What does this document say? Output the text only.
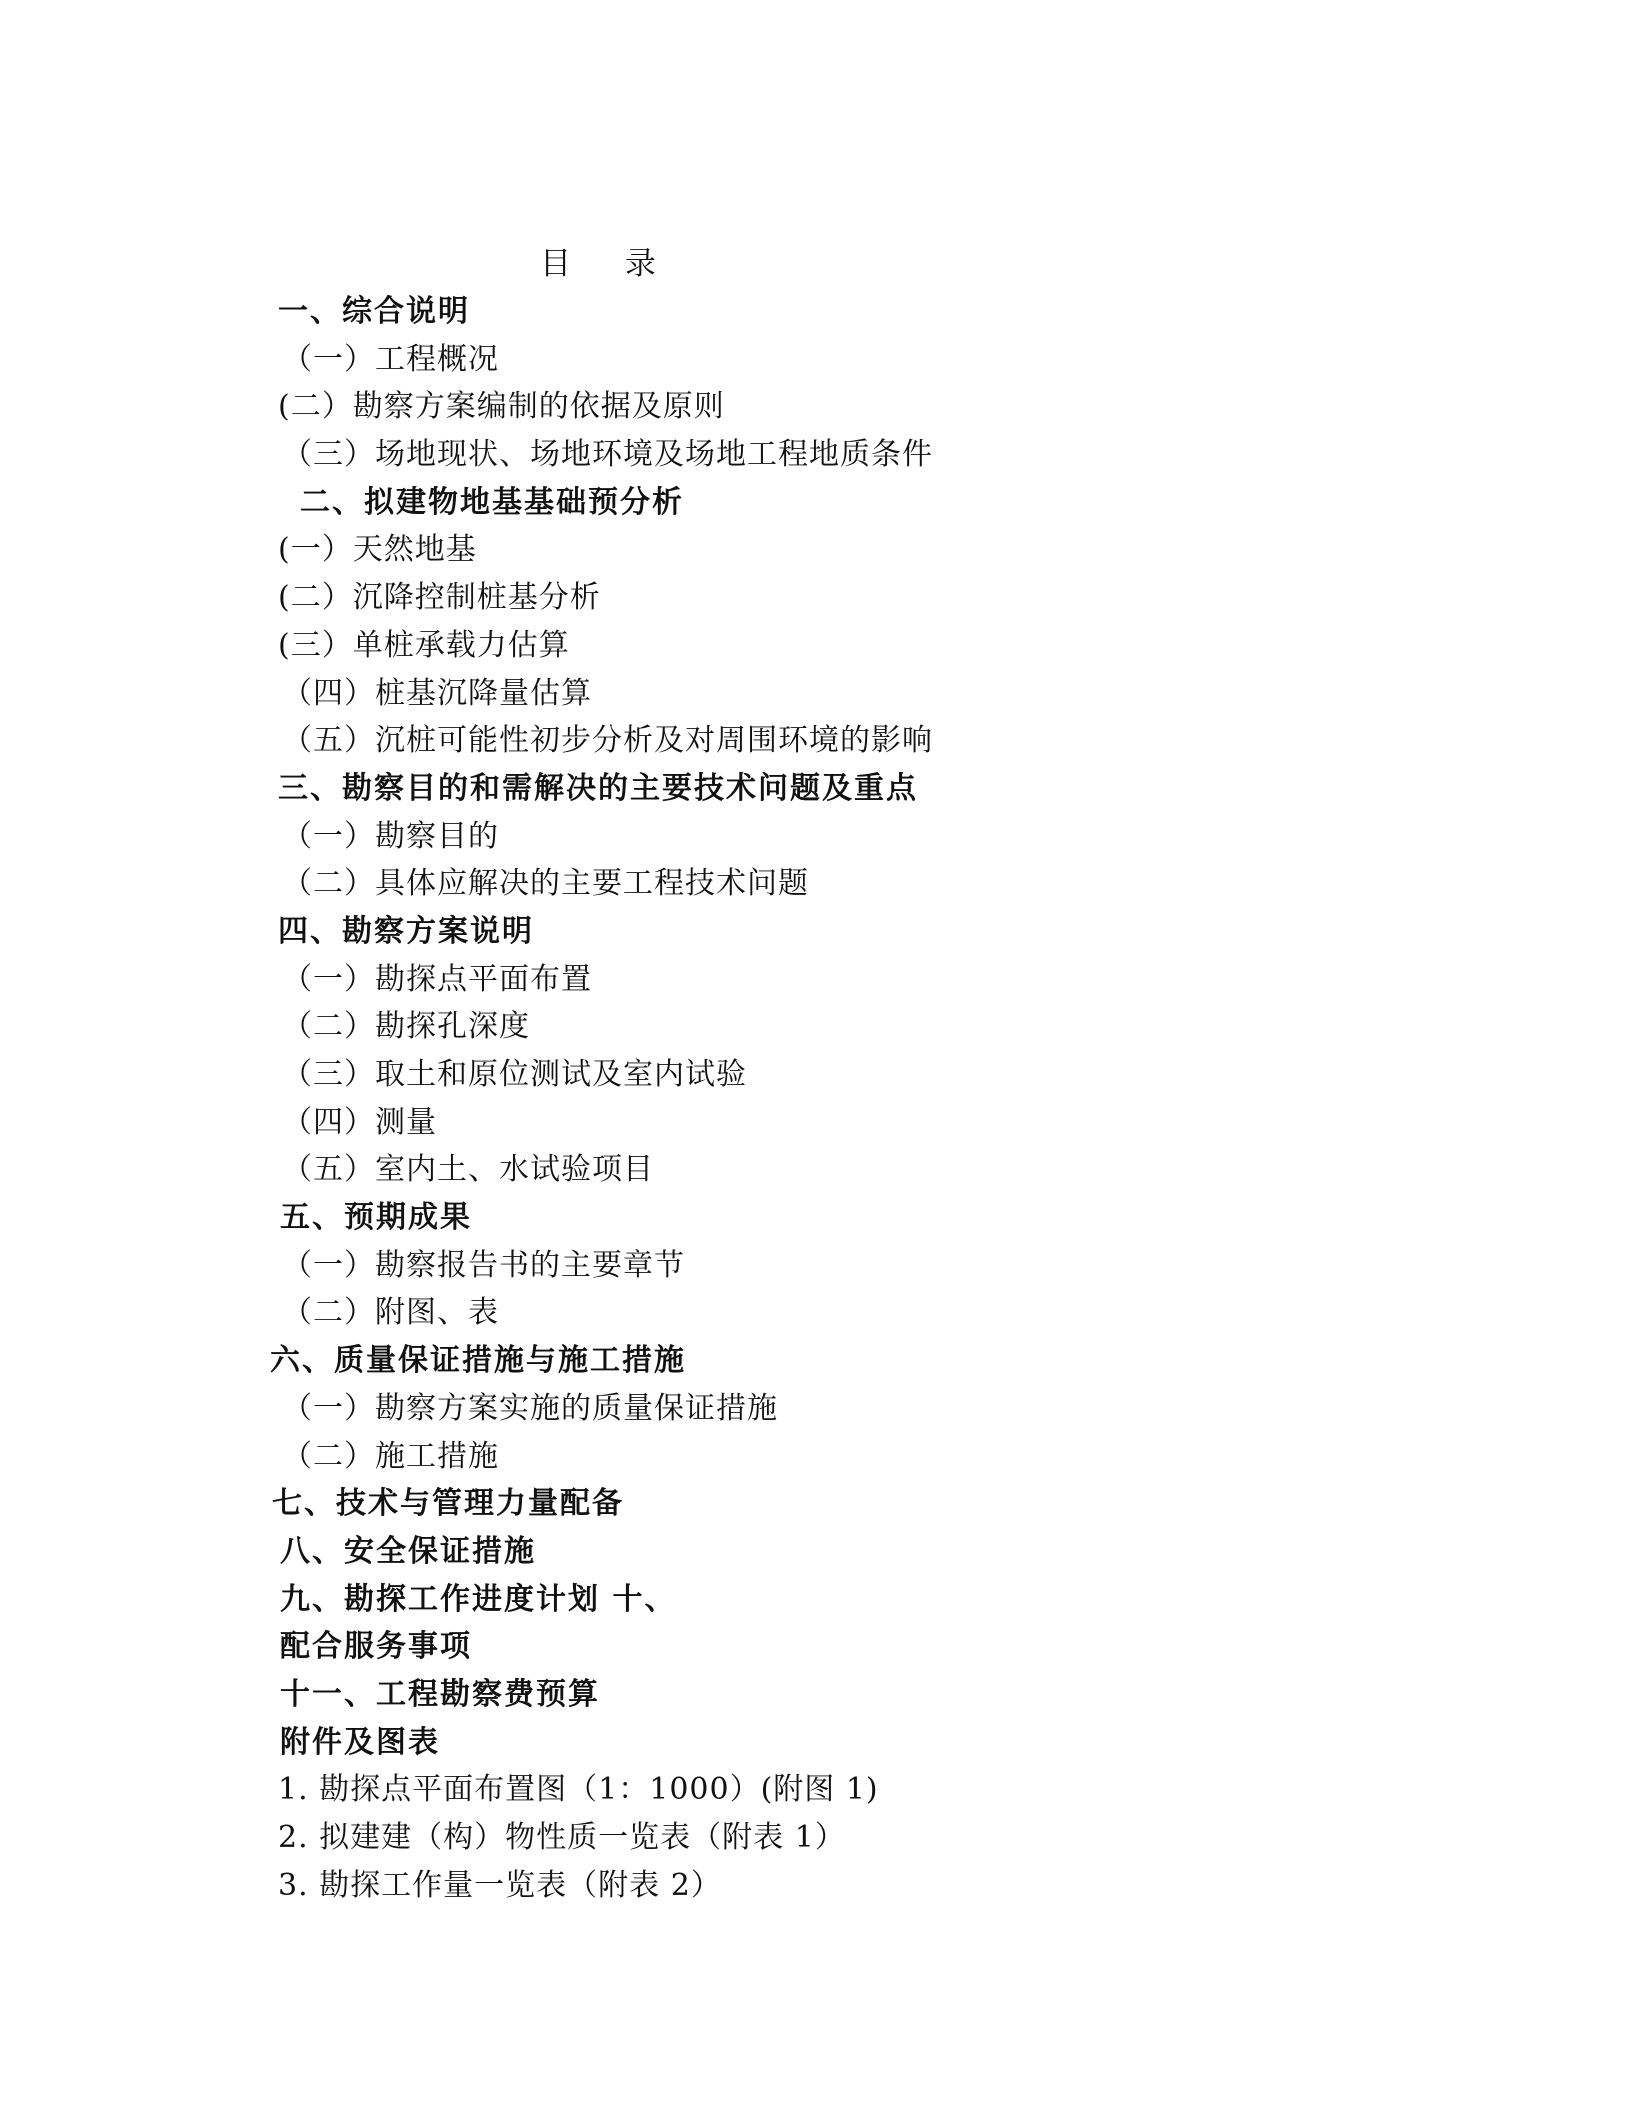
目 录
一、综合说明
（一）工程概况
(二）勘察方案编制的依据及原则
（三）场地现状、场地环境及场地工程地质条件
二、拟建物地基基础预分析
(一）天然地基
(二）沉降控制桩基分析
(三）单桩承载力估算
（四）桩基沉降量估算
（五）沉桩可能性初步分析及对周围环境的影响
三、勘察目的和需解决的主要技术问题及重点
（一）勘察目的
（二）具体应解决的主要工程技术问题
四、勘察方案说明
（一）勘探点平面布置
（二）勘探孔深度
（三）取土和原位测试及室内试验
（四）测量
（五）室内土、水试验项目
五、预期成果
（一）勘察报告书的主要章节
（二）附图、表
六、质量保证措施与施工措施
（一）勘察方案实施的质量保证措施
（二）施工措施
七、技术与管理力量配备
八、安全保证措施
九、勘探工作进度计划 十、
配合服务事项
十一、工程勘察费预算
附件及图表
1. 勘探点平面布置图（1：1000）(附图 1)
2. 拟建建（构）物性质一览表（附表 1）
3. 勘探工作量一览表（附表 2）
